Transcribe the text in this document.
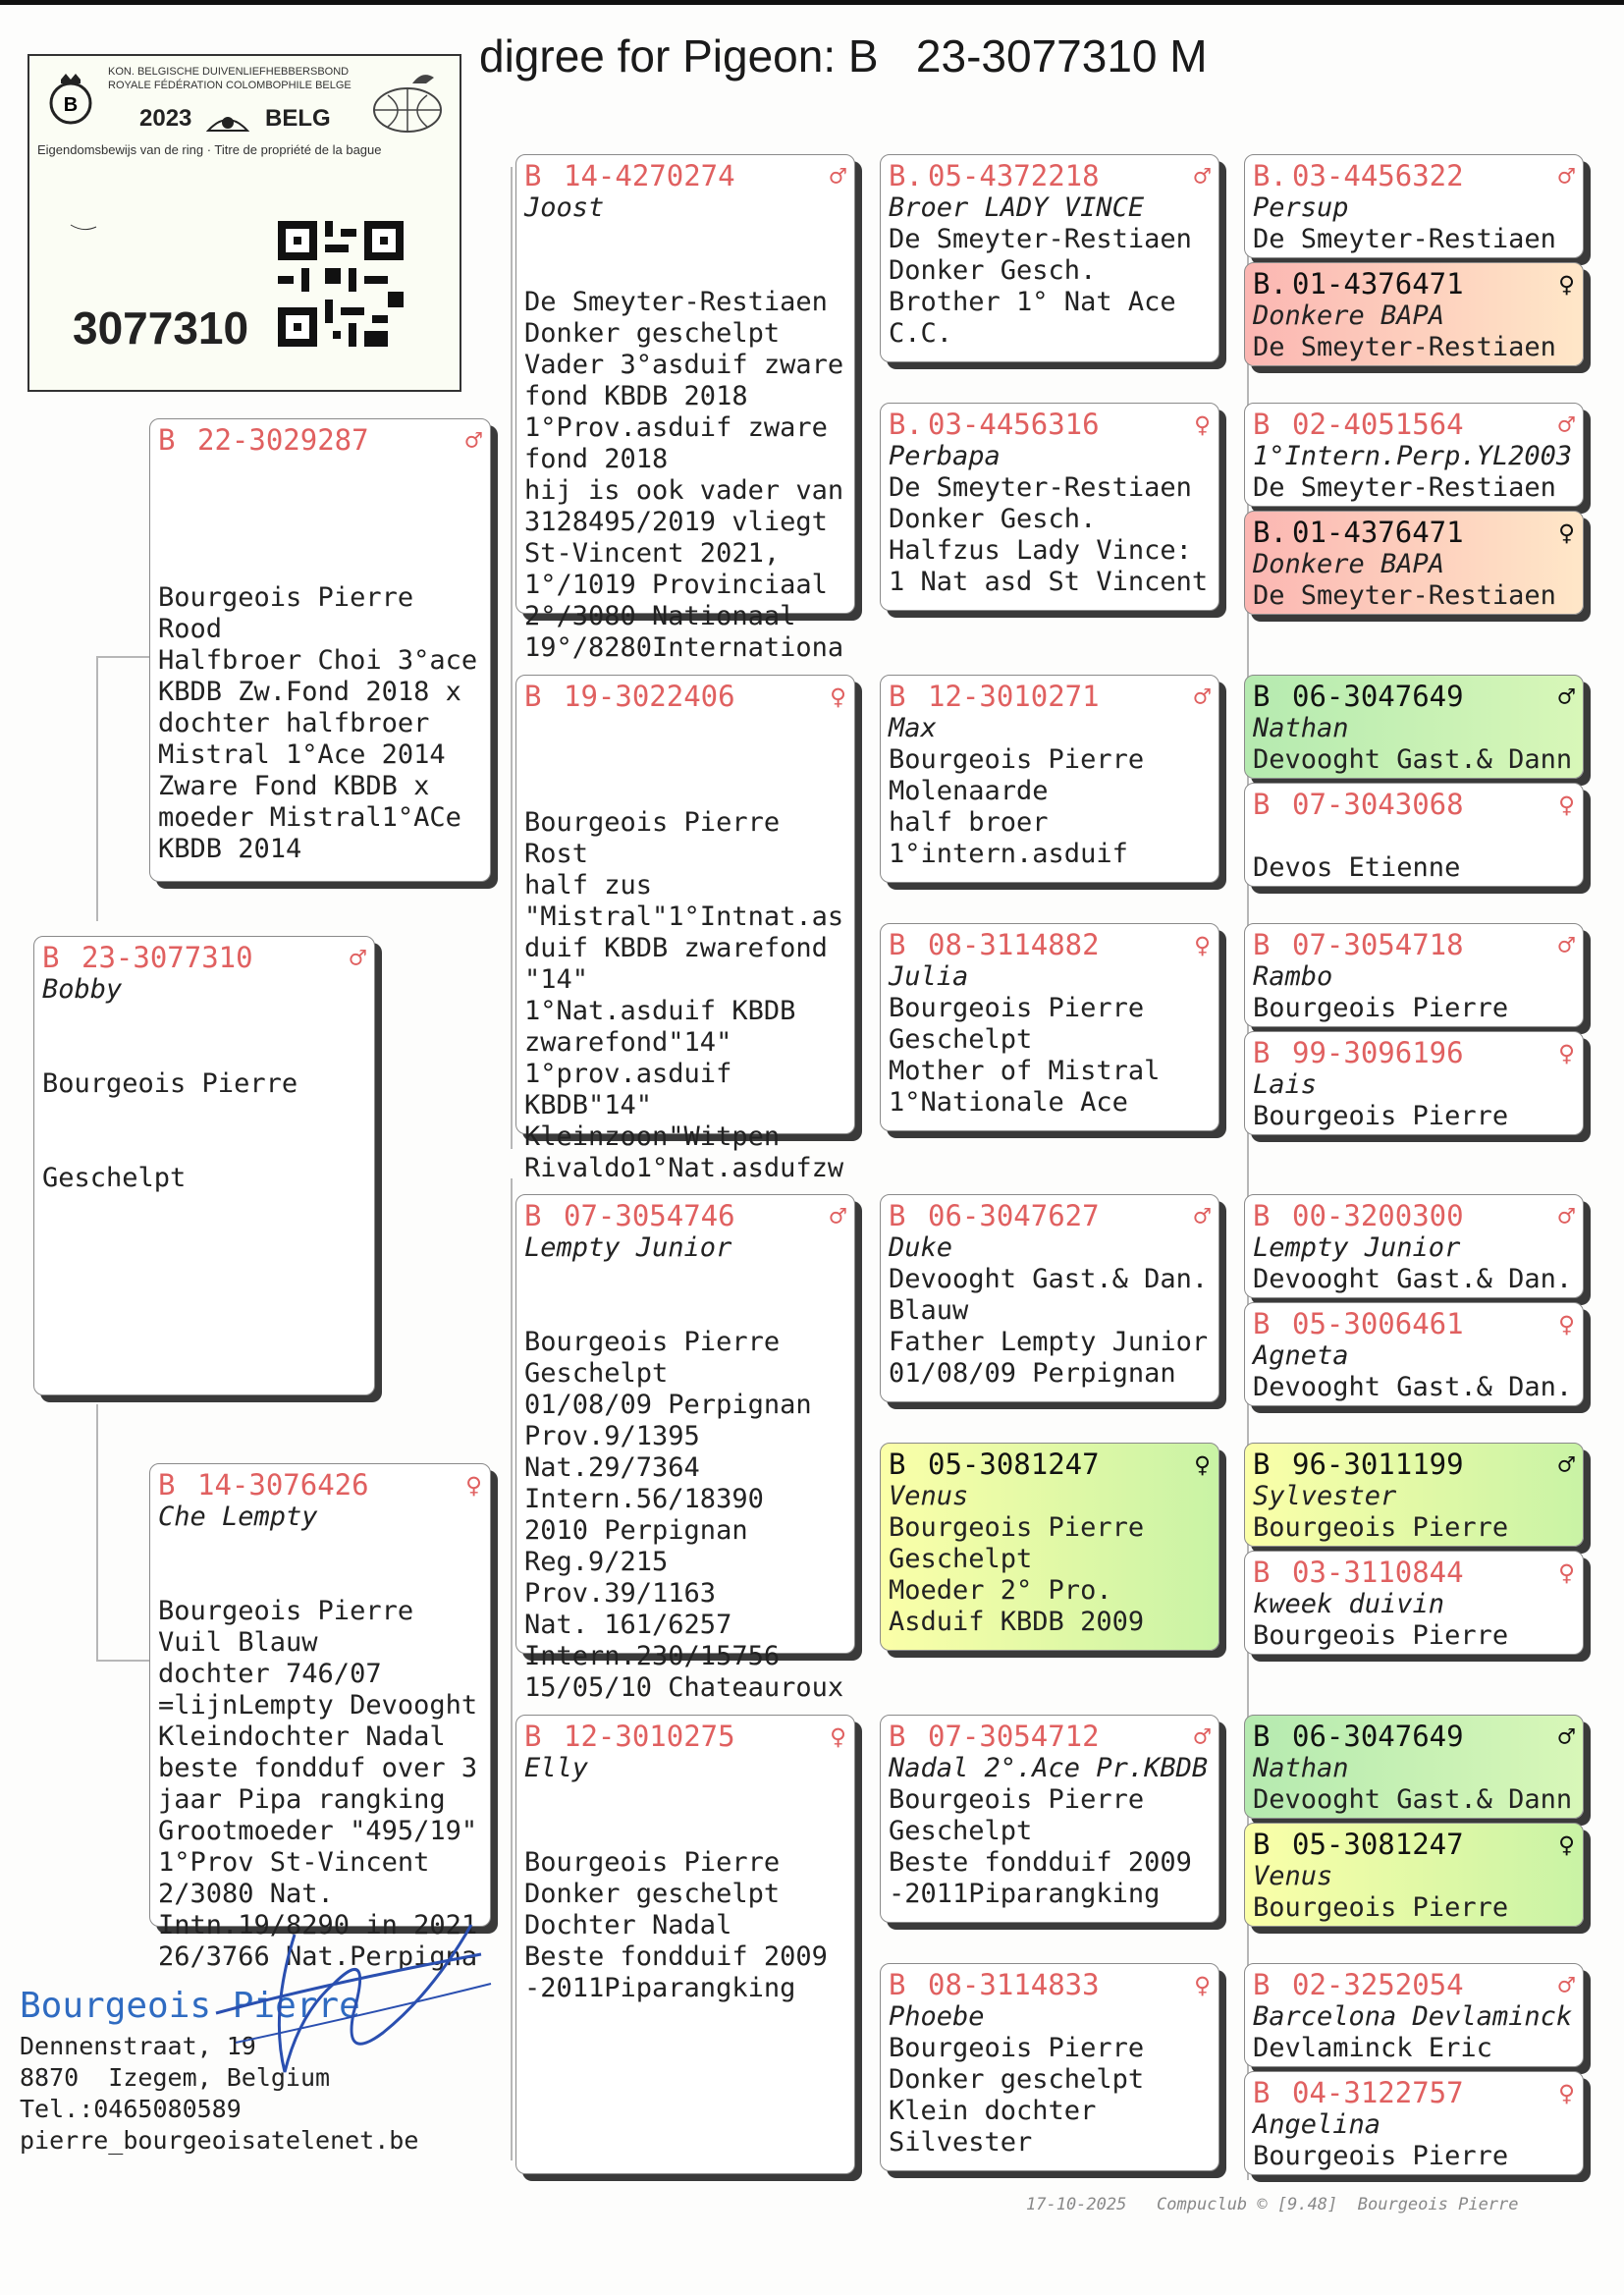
digree for Pigeon: B   23-3077310 M
B
KON. BELGISCHE DUIVENLIEFHEBBERSBOND
ROYALE FÉDÉRATION COLOMBOPHILE BELGE
2023	BELG
Eigendomsbewijs van de ring · Titre de propriété de la bague
3077310
B 23-3077310	♂
Bobby

Bourgeois Pierre

Geschelpt

B 22-3029287	♂

Bourgeois Pierre
Rood
Halfbroer Choi 3°ace
KBDB Zw.Fond 2018 x
dochter halfbroer
Mistral 1°Ace 2014
Zware Fond KBDB x
moeder Mistral1°ACe
KBDB 2014

B 14-3076426	♀
Che Lempty

Bourgeois Pierre
Vuil Blauw
dochter 746/07
=lijnLempty Devooght
Kleindochter Nadal
beste fondduf over 3
jaar Pipa rangking
Grootmoeder "495/19"
1°Prov St-Vincent
2/3080 Nat.
Intn.19/8290 in 2021
26/3766 Nat.Perpigna

B 14-4270274	♂
Joost

De Smeyter-Restiaen
Donker geschelpt
Vader 3°asduif zware
fond KBDB 2018
1°Prov.asduif zware
fond 2018
hij is ook vader van
3128495/2019 vliegt
St-Vincent 2021,
1°/1019 Provinciaal
2°/3080 Nationaal
19°/8280Internationa

B 19-3022406	♀

Bourgeois Pierre
Rost
half zus
"Mistral"1°Intnat.as
duif KBDB zwarefond
"14"
1°Nat.asduif KBDB
zwarefond"14"
1°prov.asduif
KBDB"14"
Kleinzoon"Witpen
Rivaldo1°Nat.asdufzw

B 07-3054746	♂
Lempty Junior

Bourgeois Pierre
Geschelpt
01/08/09 Perpignan
Prov.9/1395
Nat.29/7364
Intern.56/18390
2010 Perpignan
Reg.9/215
Prov.39/1163
Nat. 161/6257
Intern.230/15756
15/05/10 Chateauroux

B 12-3010275	♀
Elly

Bourgeois Pierre
Donker geschelpt
Dochter Nadal
Beste fondduif 2009
-2011Piparangking

B. 05-4372218	♂
Broer LADY VINCE
De Smeyter-Restiaen
Donker Gesch.
Brother 1° Nat Ace
C.C.
B. 03-4456316	♀
Perbapa
De Smeyter-Restiaen
Donker Gesch.
Halfzus Lady Vince:
1 Nat asd St Vincent
B 12-3010271	♂
Max
Bourgeois Pierre
Molenaarde
half broer
1°intern.asduif
B 08-3114882	♀
Julia
Bourgeois Pierre
Geschelpt
Mother of Mistral
1°Nationale Ace
B 06-3047627	♂
Duke
Devooght Gast.& Dan.
Blauw
Father Lempty Junior
01/08/09 Perpignan
B 05-3081247	♀
Venus
Bourgeois Pierre
Geschelpt
Moeder 2° Pro.
Asduif KBDB 2009
B 07-3054712	♂
Nadal 2°.Ace Pr.KBDB
Bourgeois Pierre
Geschelpt
Beste fondduif 2009
-2011Piparangking
B 08-3114833	♀
Phoebe
Bourgeois Pierre
Donker geschelpt
Klein dochter
Silvester
B. 03-4456322	♂
Persup
De Smeyter-Restiaen
B. 01-4376471	♀
Donkere BAPA
De Smeyter-Restiaen
B 02-4051564	♂
1°Intern.Perp.YL2003
De Smeyter-Restiaen
B. 01-4376471	♀
Donkere BAPA
De Smeyter-Restiaen
B 06-3047649	♂
Nathan
Devooght Gast.& Dann
B 07-3043068	♀
Devos Etienne
B 07-3054718	♂
Rambo
Bourgeois Pierre
B 99-3096196	♀
Lais
Bourgeois Pierre
B 00-3200300	♂
Lempty Junior
Devooght Gast.& Dan.
B 05-3006461	♀
Agneta
Devooght Gast.& Dan.
B 96-3011199	♂
Sylvester
Bourgeois Pierre
B 03-3110844	♀
kweek duivin
Bourgeois Pierre
B 06-3047649	♂
Nathan
Devooght Gast.& Dann
B 05-3081247	♀
Venus
Bourgeois Pierre
B 02-3252054	♂
Barcelona Devlaminck
Devlaminck Eric
B 04-3122757	♀
Angelina
Bourgeois Pierre
Bourgeois Pierre
Dennenstraat, 19
8870  Izegem, Belgium
Tel.:0465080589
pierre_bourgeoisatelenet.be
17-10-2025   Compuclub © [9.48]  Bourgeois Pierre
